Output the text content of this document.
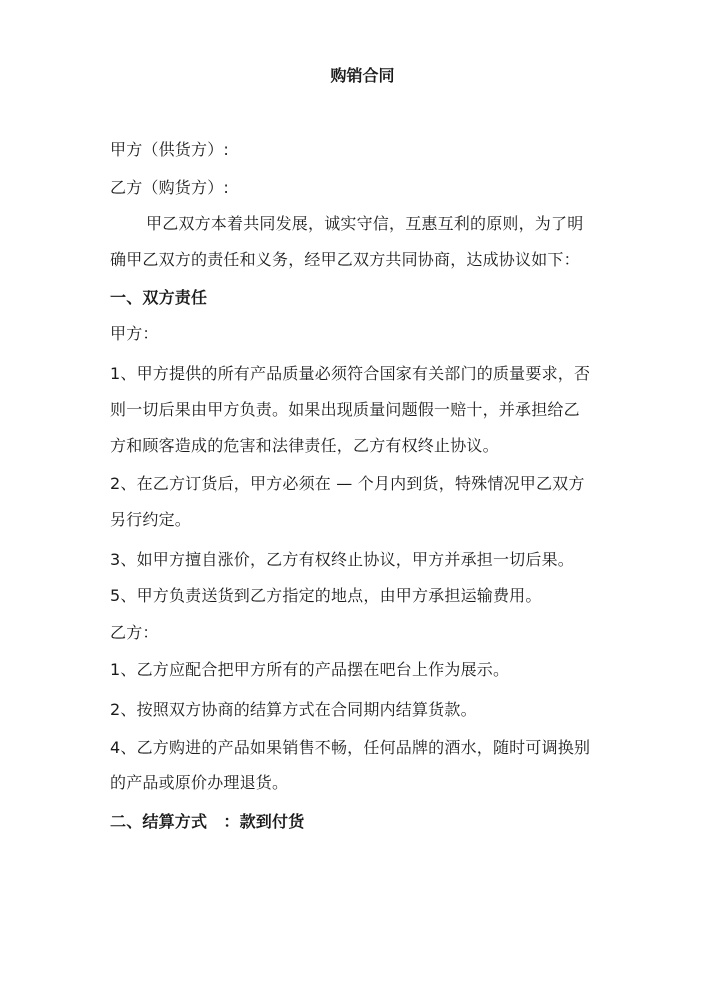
购销合同
甲方（供货方）:
乙方（购货方）:
甲乙双方本着共同发展，诚实守信，互惠互利的原则，为了明
确甲乙双方的责任和义务，经甲乙双方共同协商，达成协议如下：
一、双方责任
甲方：
1、甲方提供的所有产品质量必须符合国家有关部门的质量要求，否
则一切后果由甲方负责。如果出现质量问题假一赔十，并承担给乙
方和顾客造成的危害和法律责任，乙方有权终止协议。
2、在乙方订货后，甲方必须在 — 个月内到货，特殊情况甲乙双方
另行约定。
3、如甲方擅自涨价，乙方有权终止协议，甲方并承担一切后果。
5、甲方负责送货到乙方指定的地点，由甲方承担运输费用。
乙方：
1、乙方应配合把甲方所有的产品摆在吧台上作为展示。
2、按照双方协商的结算方式在合同期内结算货款。
4、乙方购进的产品如果销售不畅，任何品牌的酒水，随时可调换别
的产品或原价办理退货。
二、结算方式　：款到付货
